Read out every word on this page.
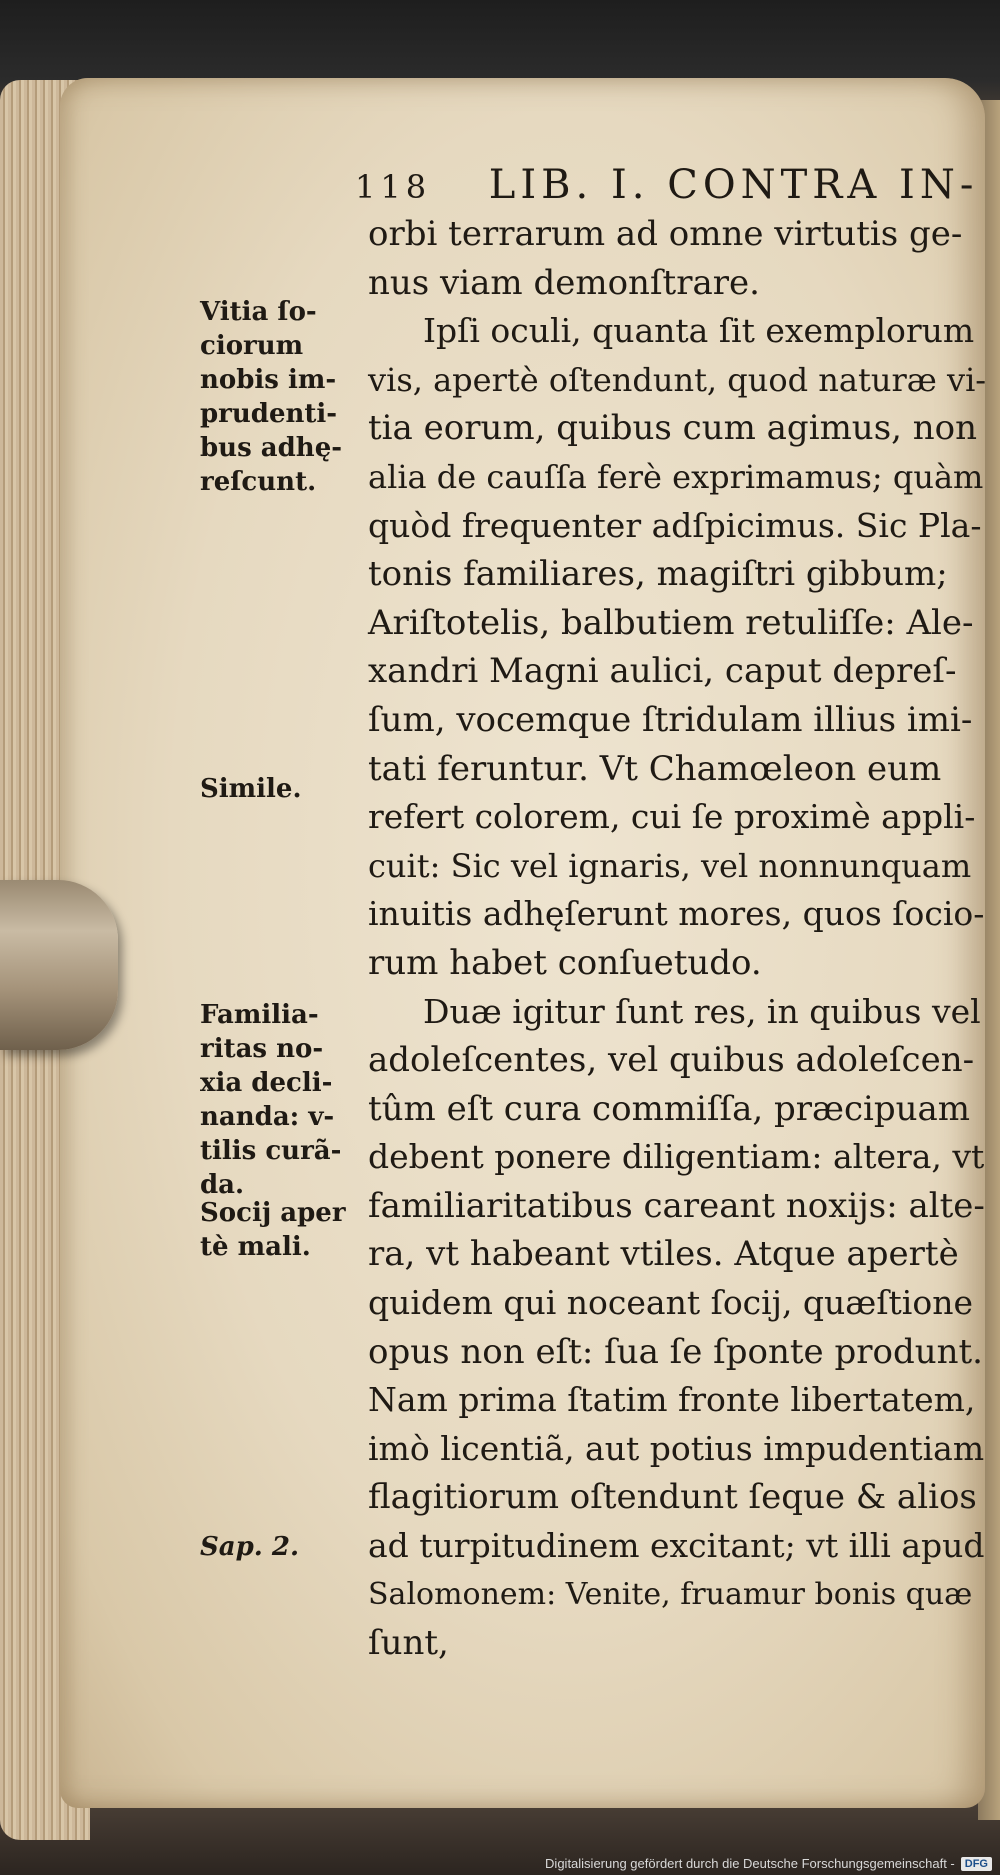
118 LIB. I. CONTRA IN-
orbi terrarum ad omne virtutis ge-
nus viam demonſtrare.
Ipſi oculi, quanta ſit exemplorum
vis, apertè oſtendunt, quod naturæ vi-
tia eorum, quibus cum agimus, non
alia de cauſſa ferè exprimamus; quàm
quòd frequenter adſpicimus. Sic Pla-
tonis familiares, magiſtri gibbum;
Ariſtotelis, balbutiem retuliſſe: Ale-
xandri Magni aulici, caput depreſ-
ſum, vocemque ſtridulam illius imi-
tati feruntur. Vt Chamœleon eum
refert colorem, cui ſe proximè appli-
cuit: Sic vel ignaris, vel nonnunquam
inuitis adhęſerunt mores, quos ſocio-
rum habet conſuetudo.
Duæ igitur ſunt res, in quibus vel
adoleſcentes, vel quibus adoleſcen-
tûm eſt cura commiſſa, præcipuam
debent ponere diligentiam: altera, vt
familiaritatibus careant noxijs: alte-
ra, vt habeant vtiles. Atque apertè
quidem qui noceant ſocij, quæſtione
opus non eſt: ſua ſe ſponte produnt.
Nam prima ſtatim fronte libertatem,
imò licentiã, aut potius impudentiam
flagitiorum oſtendunt ſeque & alios
ad turpitudinem excitant; vt illi apud
Salomonem: Venite, fruamur bonis quæ
ſunt,
Vitia ſo-
ciorum
nobis im-
prudenti-
bus adhę-
reſcunt.
Simile.
Familia-
ritas no-
xia decli-
nanda: v-
tilis curã-
da.
Socij aper
tè mali.
Sap. 2.
Digitalisierung gefördert durch die Deutsche Forschungsgemeinschaft - DFG
